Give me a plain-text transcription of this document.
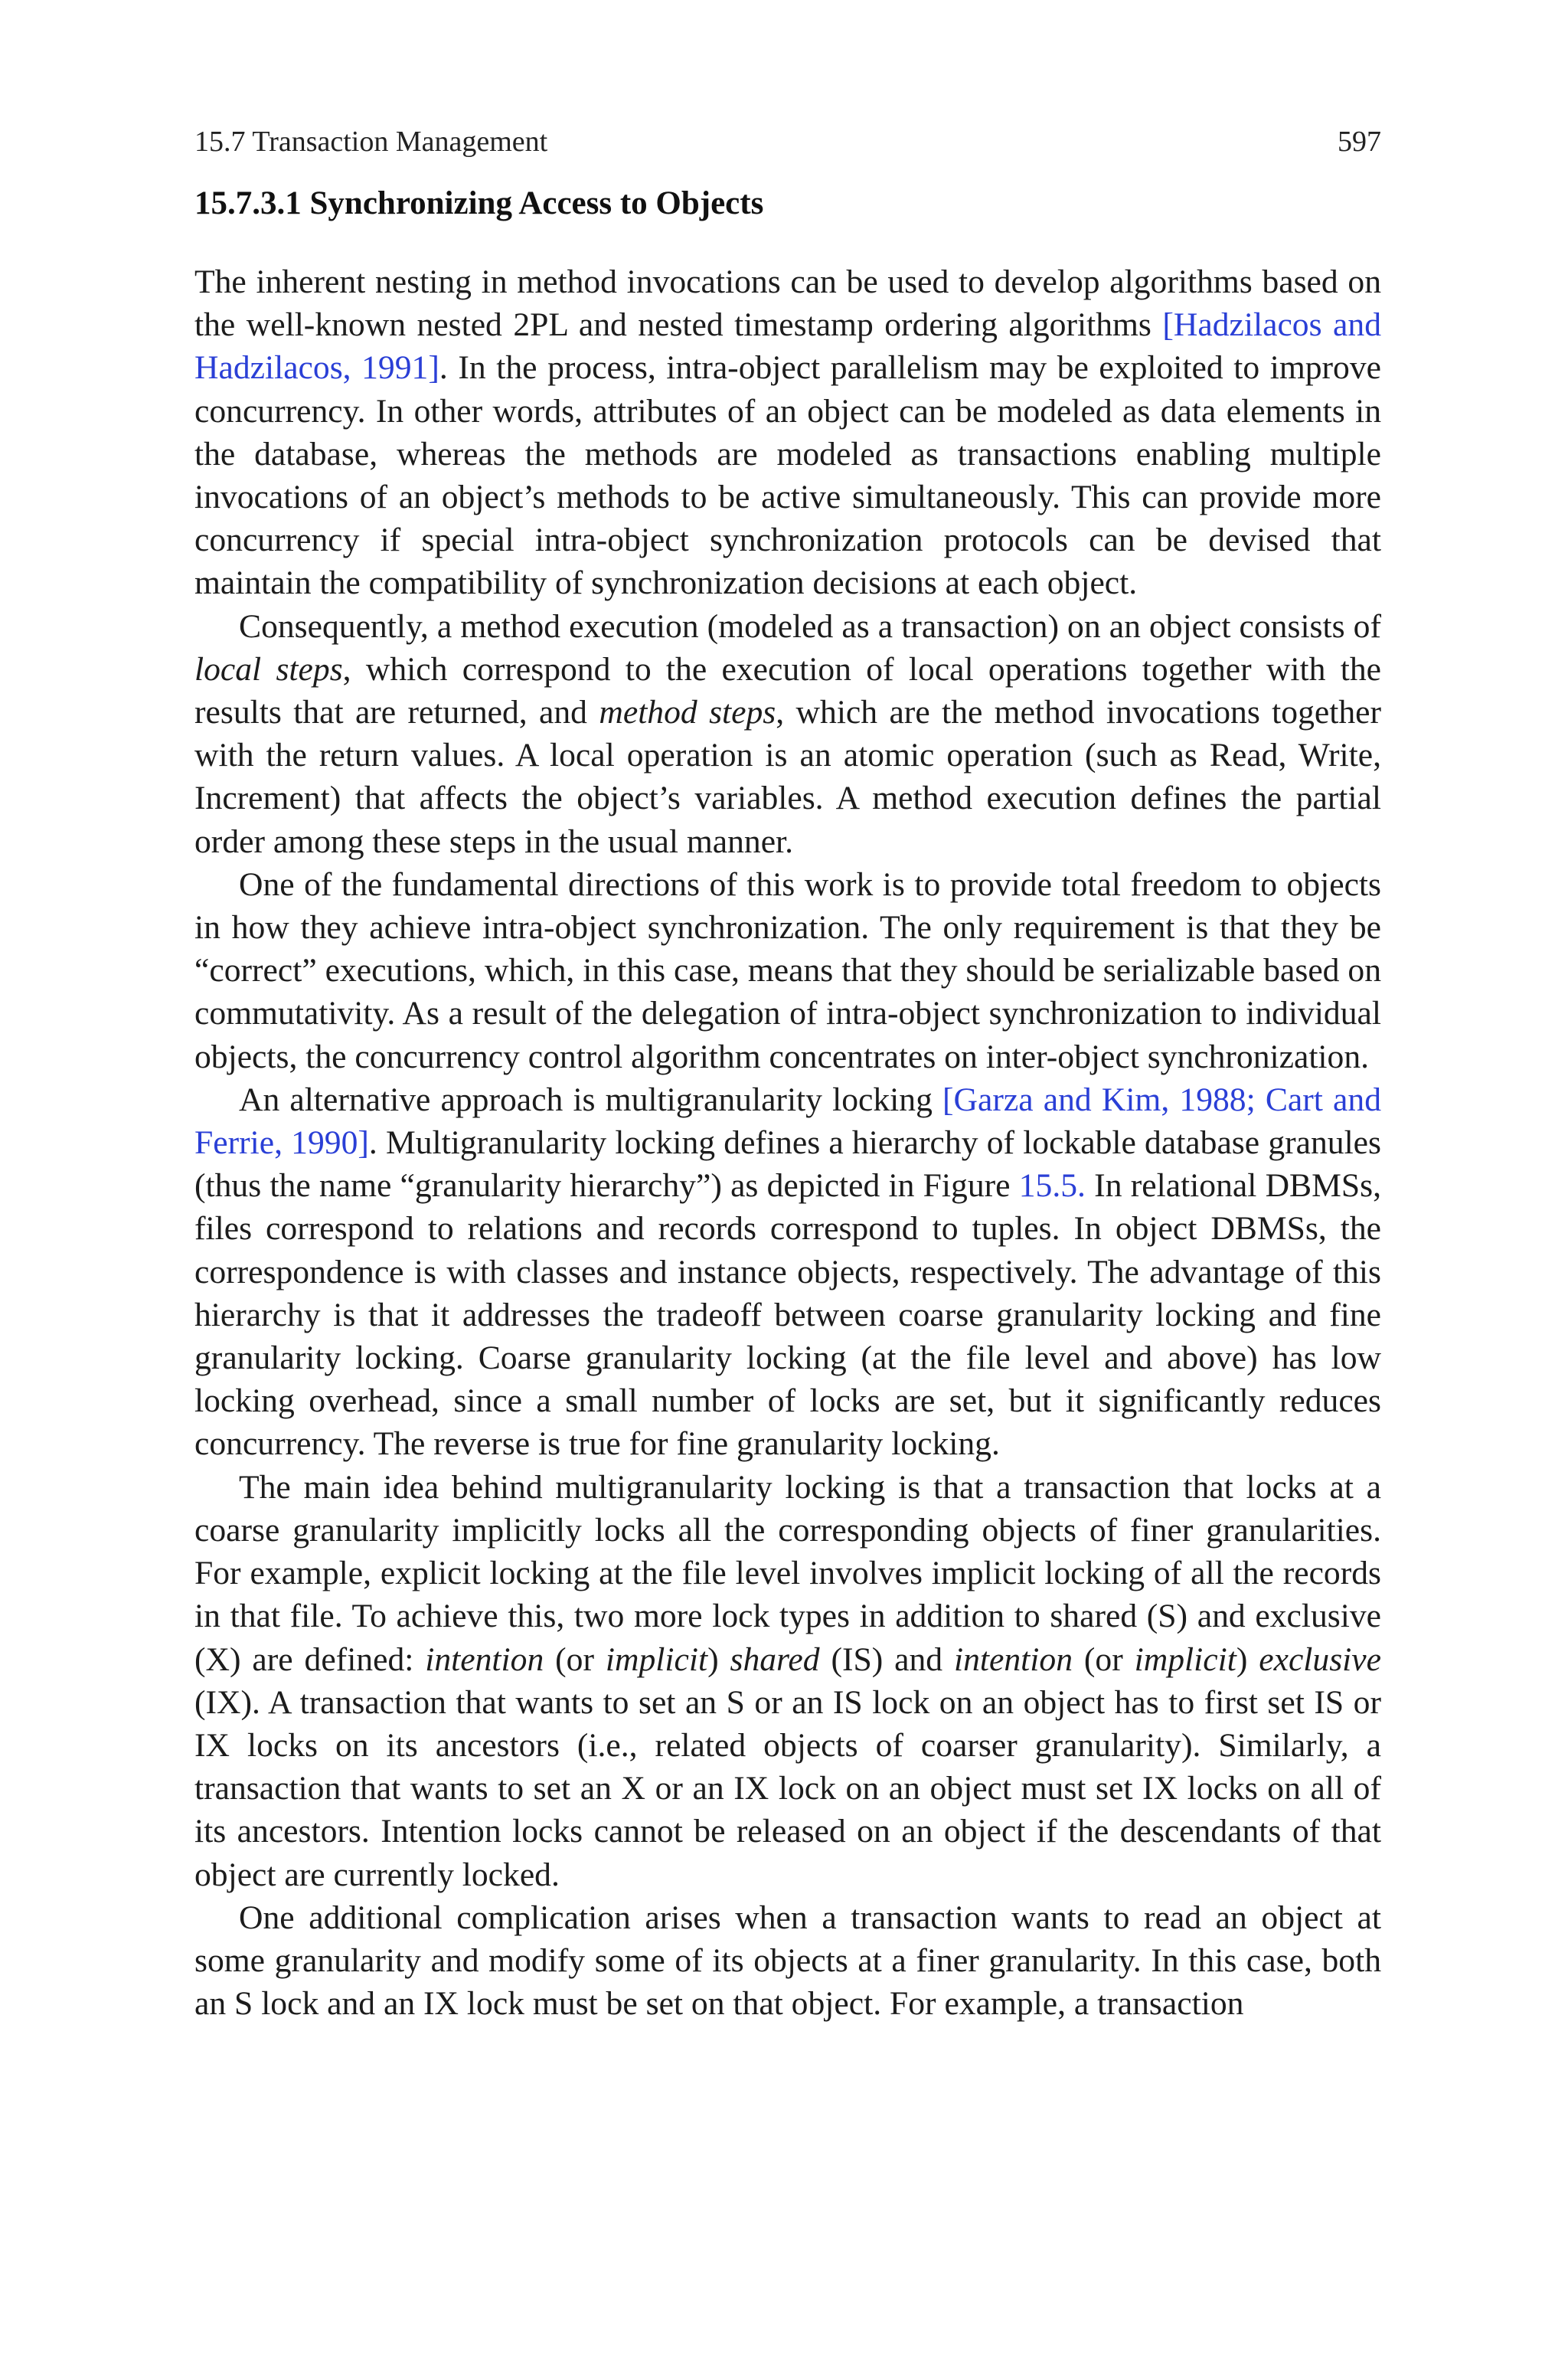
15.7 Transaction Management	597
15.7.3.1 Synchronizing Access to Objects

The inherent nesting in method invocations can be used to develop algorithms based on the well-known nested 2PL and nested timestamp ordering algorithms [Hadzilacos and Hadzilacos, 1991]. In the process, intra-object parallelism may be exploited to improve concurrency. In other words, attributes of an object can be modeled as data elements in the database, whereas the methods are modeled as transactions enabling multiple invocations of an object’s methods to be active simultaneously. This can provide more concurrency if special intra-object synchronization protocols can be devised that maintain the compatibility of synchronization decisions at each object.

Consequently, a method execution (modeled as a transaction) on an object consists of local steps, which correspond to the execution of local operations together with the results that are returned, and method steps, which are the method invocations together with the return values. A local operation is an atomic operation (such as Read, Write, Increment) that affects the object’s variables. A method execution defines the partial order among these steps in the usual manner.

One of the fundamental directions of this work is to provide total freedom to objects in how they achieve intra-object synchronization. The only requirement is that they be “correct” executions, which, in this case, means that they should be serializable based on commutativity. As a result of the delegation of intra-object synchronization to individual objects, the concurrency control algorithm concentrates on inter-object synchronization.

An alternative approach is multigranularity locking [Garza and Kim, 1988; Cart and Ferrie, 1990]. Multigranularity locking defines a hierarchy of lockable database granules (thus the name “granularity hierarchy”) as depicted in Figure 15.5. In relational DBMSs, files correspond to relations and records correspond to tuples. In object DBMSs, the correspondence is with classes and instance objects, respectively. The advantage of this hierarchy is that it addresses the tradeoff between coarse granularity locking and fine granularity locking. Coarse granularity locking (at the file level and above) has low locking overhead, since a small number of locks are set, but it significantly reduces concurrency. The reverse is true for fine granularity locking.

The main idea behind multigranularity locking is that a transaction that locks at a coarse granularity implicitly locks all the corresponding objects of finer granularities. For example, explicit locking at the file level involves implicit locking of all the records in that file. To achieve this, two more lock types in addition to shared (S) and exclusive (X) are defined: intention (or implicit) shared (IS) and intention (or implicit) exclusive (IX). A transaction that wants to set an S or an IS lock on an object has to first set IS or IX locks on its ancestors (i.e., related objects of coarser granularity). Similarly, a transaction that wants to set an X or an IX lock on an object must set IX locks on all of its ancestors. Intention locks cannot be released on an object if the descendants of that object are currently locked.

One additional complication arises when a transaction wants to read an object at some granularity and modify some of its objects at a finer granularity. In this case, both an S lock and an IX lock must be set on that object. For example, a transaction
